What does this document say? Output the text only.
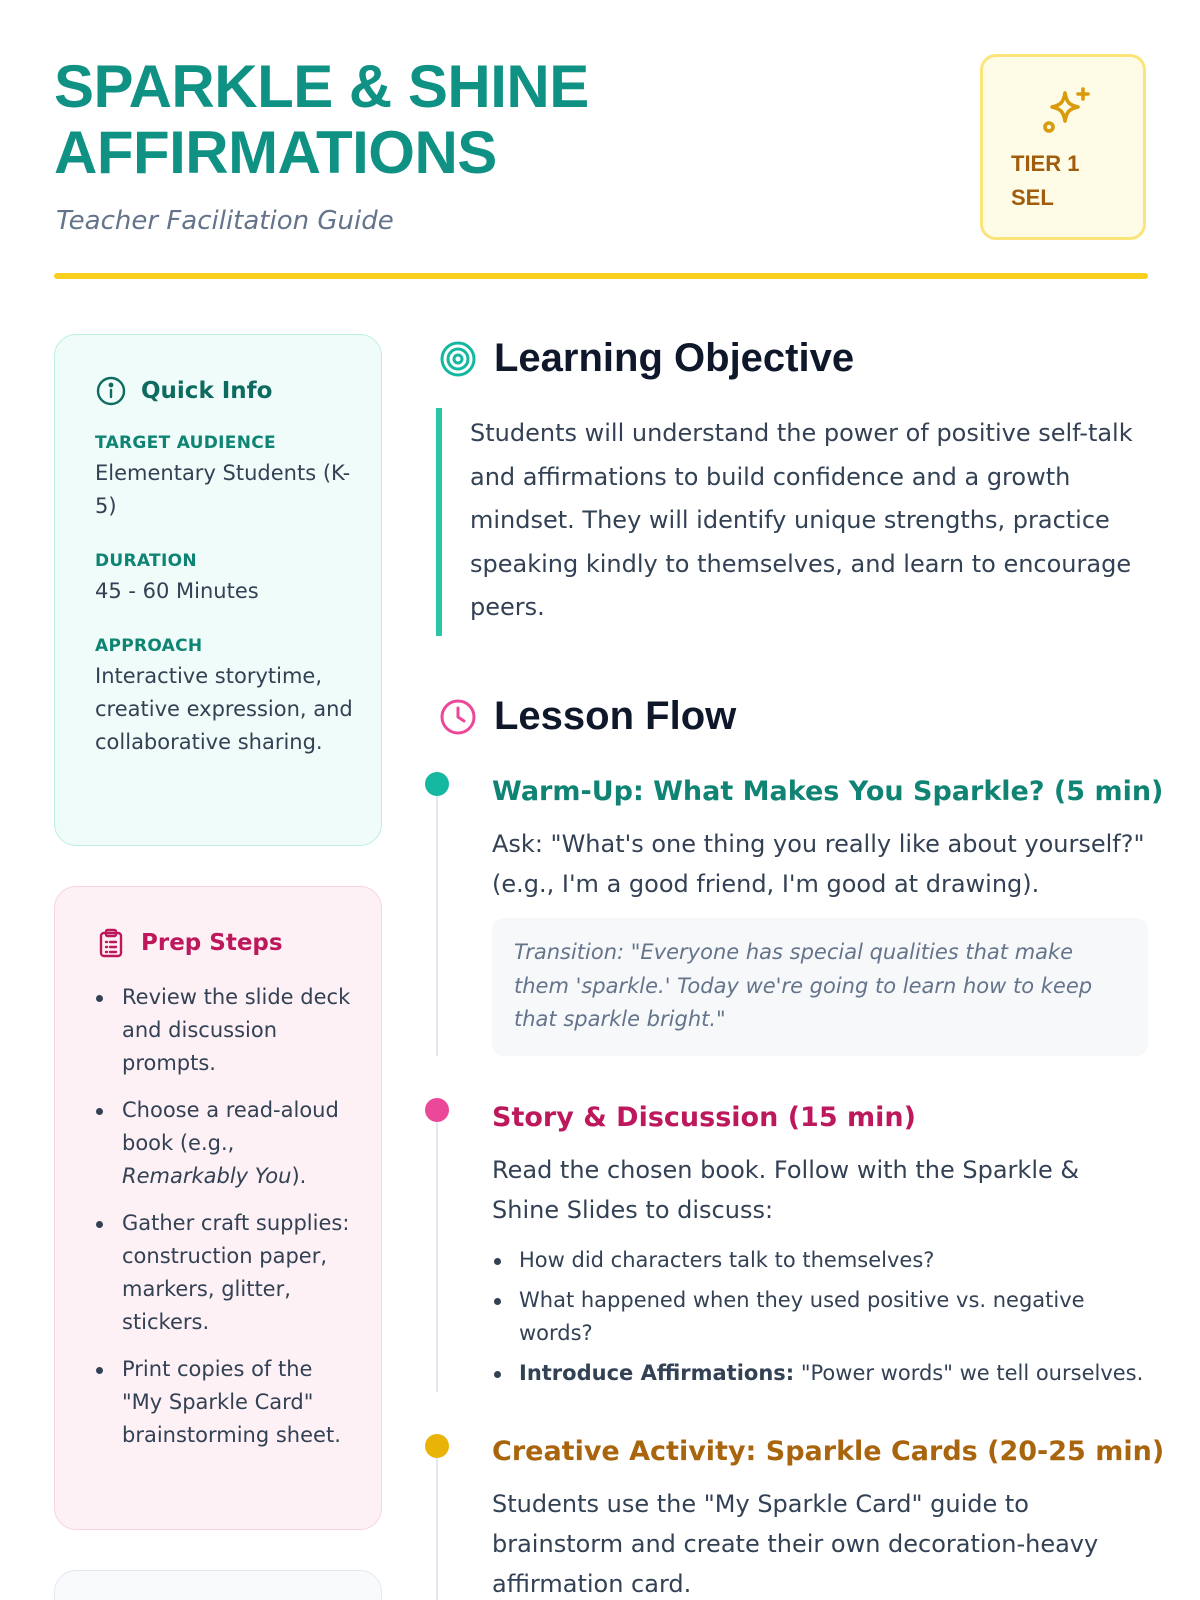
SPARKLE & SHINE AFFIRMATIONS
Teacher Facilitation Guide
TIER 1
SEL
Quick Info
TARGET AUDIENCE
Elementary Students (K-5)
DURATION
45 - 60 Minutes
APPROACH
Interactive storytime, creative expression, and collaborative sharing.
Prep Steps
Review the slide deck and discussion prompts.
Choose a read-aloud book (e.g., Remarkably You).
Gather craft supplies: construction paper, markers, glitter, stickers.
Print copies of the "My Sparkle Card" brainstorming sheet.
Learning Objective
Students will understand the power of positive self-talk and affirmations to build confidence and a growth mindset. They will identify unique strengths, practice speaking kindly to themselves, and learn to encourage peers.
Lesson Flow
Warm-Up: What Makes You Sparkle? (5 min)
Ask: "What's one thing you really like about yourself?" (e.g., I'm a good friend, I'm good at drawing).
Transition: "Everyone has special qualities that make them 'sparkle.' Today we're going to learn how to keep that sparkle bright."
Story & Discussion (15 min)
Read the chosen book. Follow with the Sparkle & Shine Slides to discuss:
How did characters talk to themselves?
What happened when they used positive vs. negative words?
Introduce Affirmations: "Power words" we tell ourselves.
Creative Activity: Sparkle Cards (20-25 min)
Students use the "My Sparkle Card" guide to brainstorm and create their own decoration-heavy affirmation card.
